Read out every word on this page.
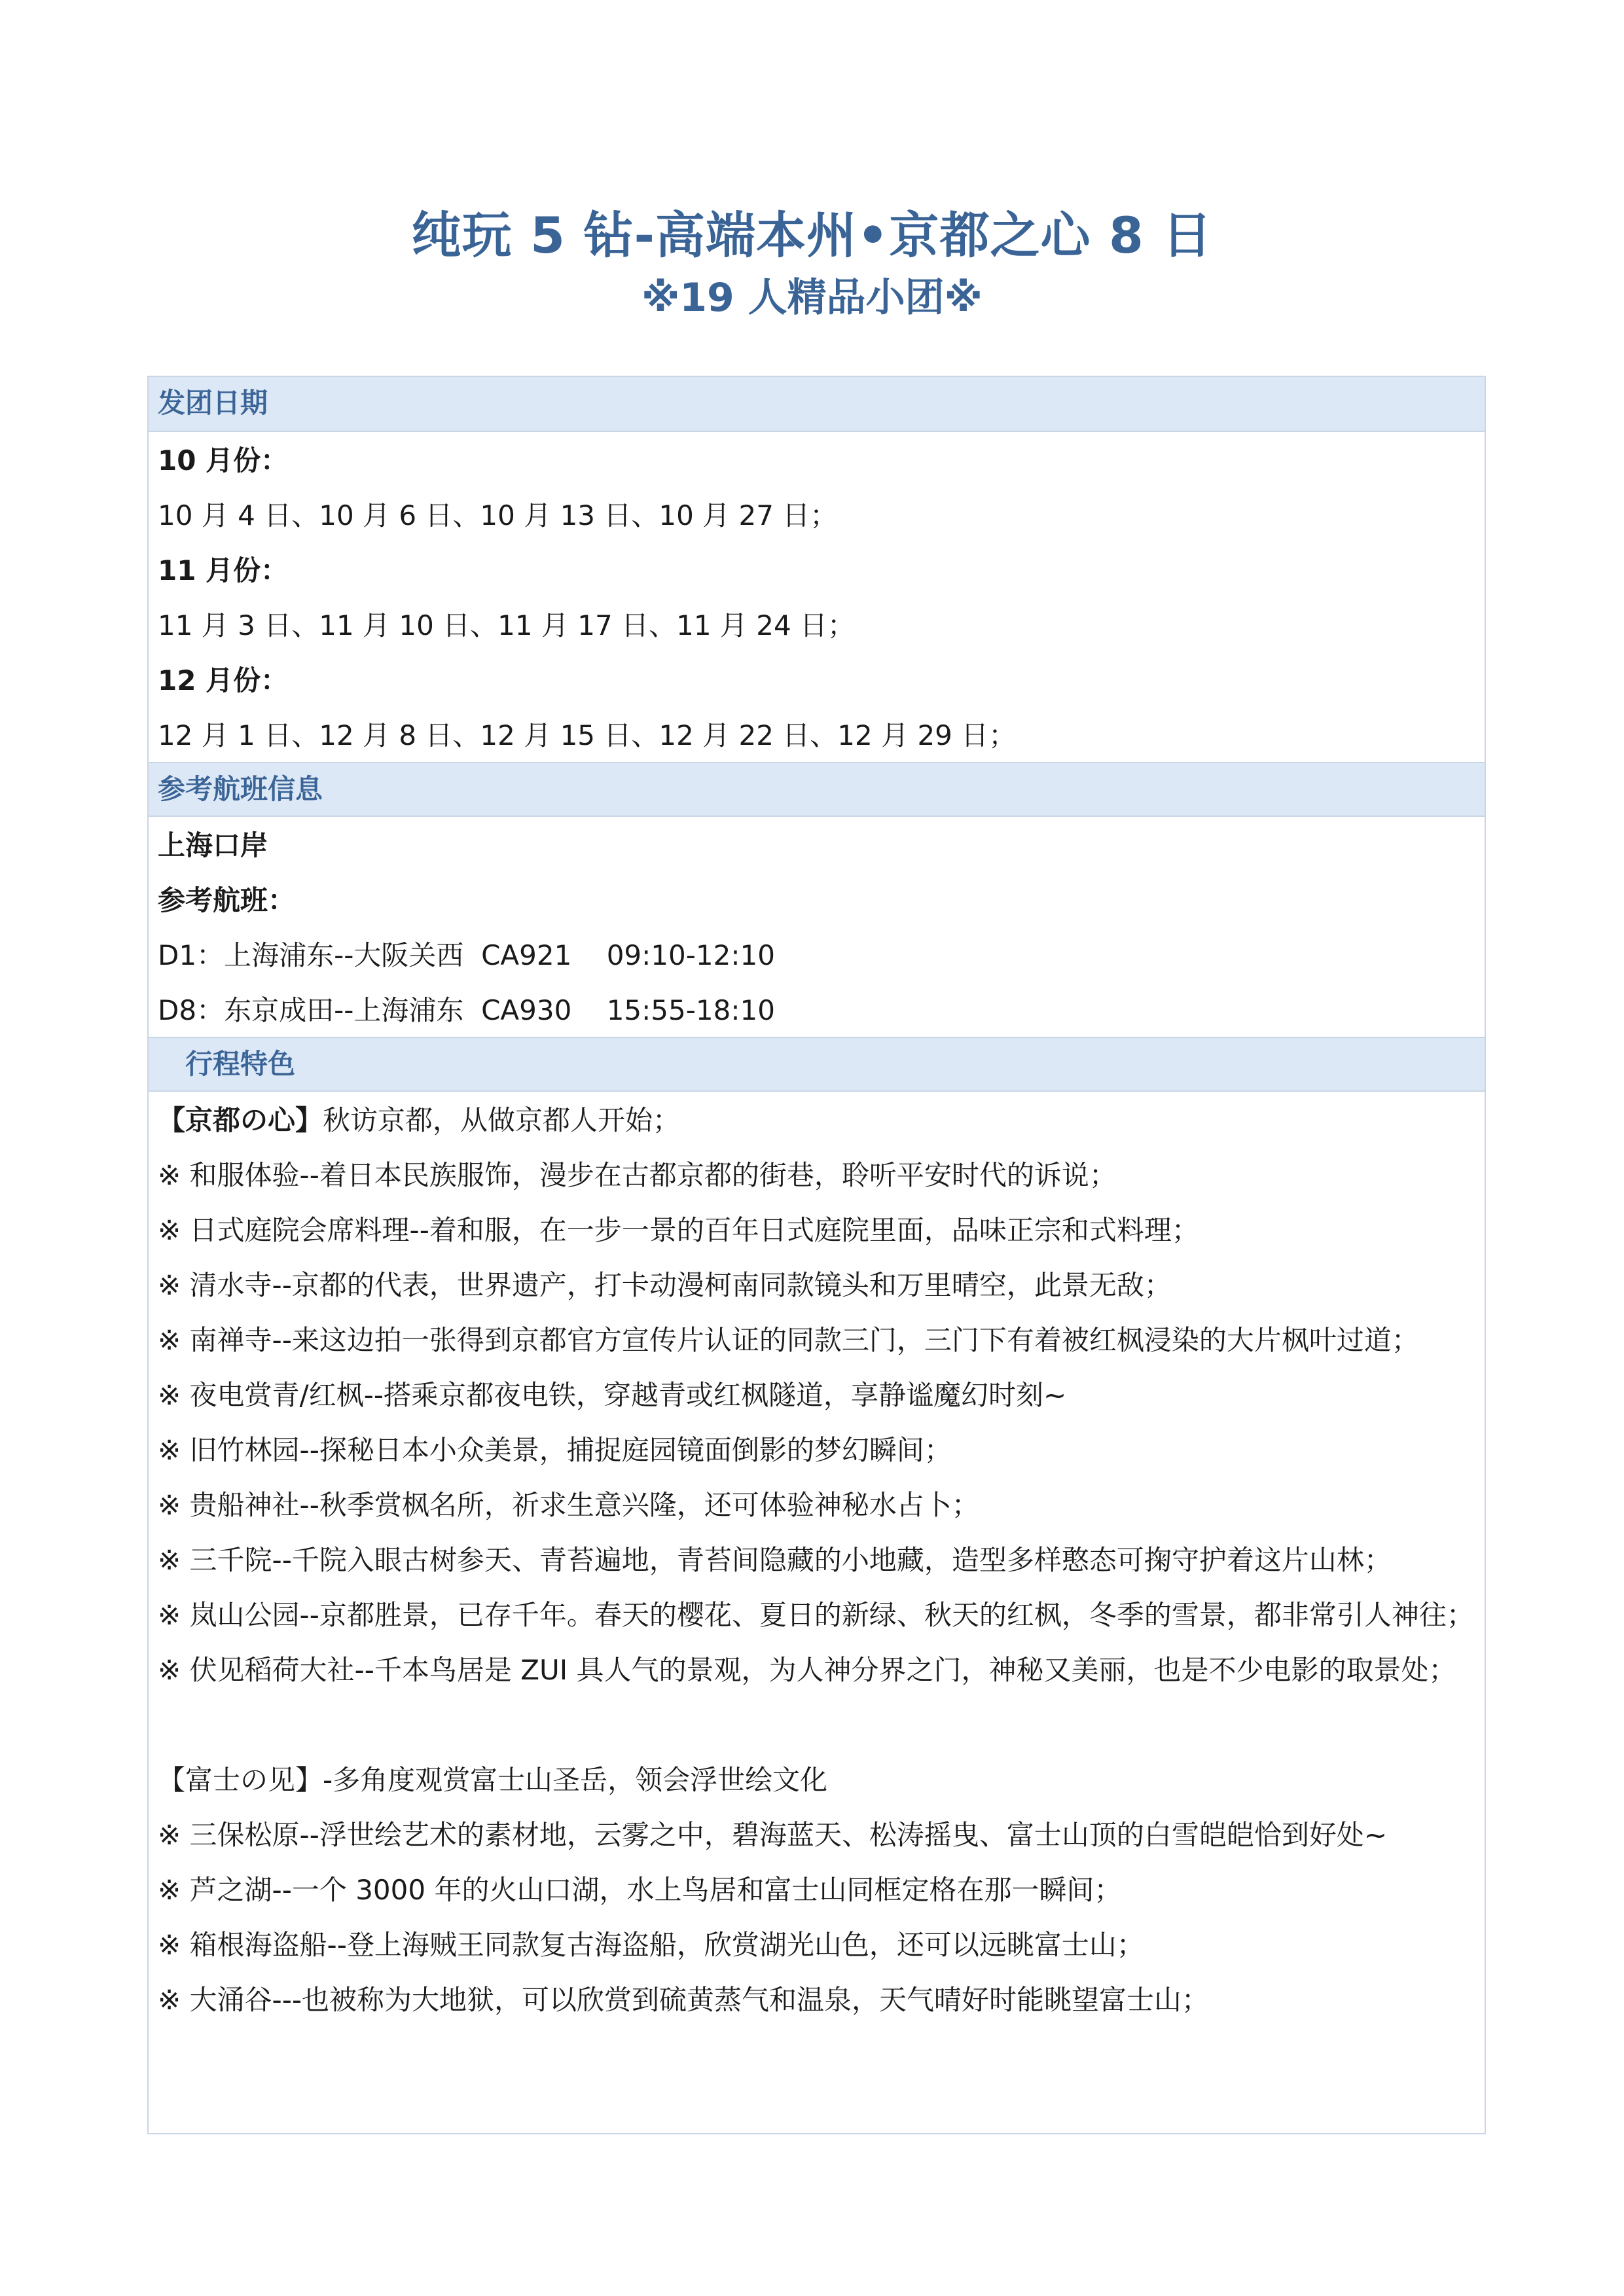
纯玩 5 钻-高端本州•京都之心 8 日
※19 人精品小团※
发团日期
10 月份：
10 月 4 日、10 月 6 日、10 月 13 日、10 月 27 日；
11 月份：
11 月 3 日、11 月 10 日、11 月 17 日、11 月 24 日；
12 月份：
12 月 1 日、12 月 8 日、12 月 15 日、12 月 22 日、12 月 29 日；
参考航班信息
上海口岸
参考航班：
D1：上海浦东--大阪关西  CA921    09:10-12:10
D8：东京成田--上海浦东  CA930    15:55-18:10
行程特色
【京都の心】秋访京都，从做京都人开始；
※ 和服体验--着日本民族服饰，漫步在古都京都的街巷，聆听平安时代的诉说；
※ 日式庭院会席料理--着和服，在一步一景的百年日式庭院里面，品味正宗和式料理；
※ 清水寺--京都的代表，世界遗产，打卡动漫柯南同款镜头和万里晴空，此景无敌；
※ 南禅寺--来这边拍一张得到京都官方宣传片认证的同款三门，三门下有着被红枫浸染的大片枫叶过道；
※ 夜电赏青/红枫--搭乘京都夜电铁，穿越青或红枫隧道，享静谧魔幻时刻~
※ 旧竹林园--探秘日本小众美景，捕捉庭园镜面倒影的梦幻瞬间；
※ 贵船神社--秋季赏枫名所，祈求生意兴隆，还可体验神秘水占卜；
※ 三千院--千院入眼古树参天、青苔遍地，青苔间隐藏的小地藏，造型多样憨态可掬守护着这片山林；
※ 岚山公园--京都胜景，已存千年。春天的樱花、夏日的新绿、秋天的红枫，冬季的雪景，都非常引人神往；
※ 伏见稻荷大社--千本鸟居是 ZUI 具人气的景观，为人神分界之门，神秘又美丽，也是不少电影的取景处；
【富士の见】-多角度观赏富士山圣岳，领会浮世绘文化
※ 三保松原--浮世绘艺术的素材地，云雾之中，碧海蓝天、松涛摇曳、富士山顶的白雪皑皑恰到好处~
※ 芦之湖--一个 3000 年的火山口湖，水上鸟居和富士山同框定格在那一瞬间；
※ 箱根海盗船--登上海贼王同款复古海盗船，欣赏湖光山色，还可以远眺富士山；
※ 大涌谷---也被称为大地狱，可以欣赏到硫黄蒸气和温泉，天气晴好时能眺望富士山；
